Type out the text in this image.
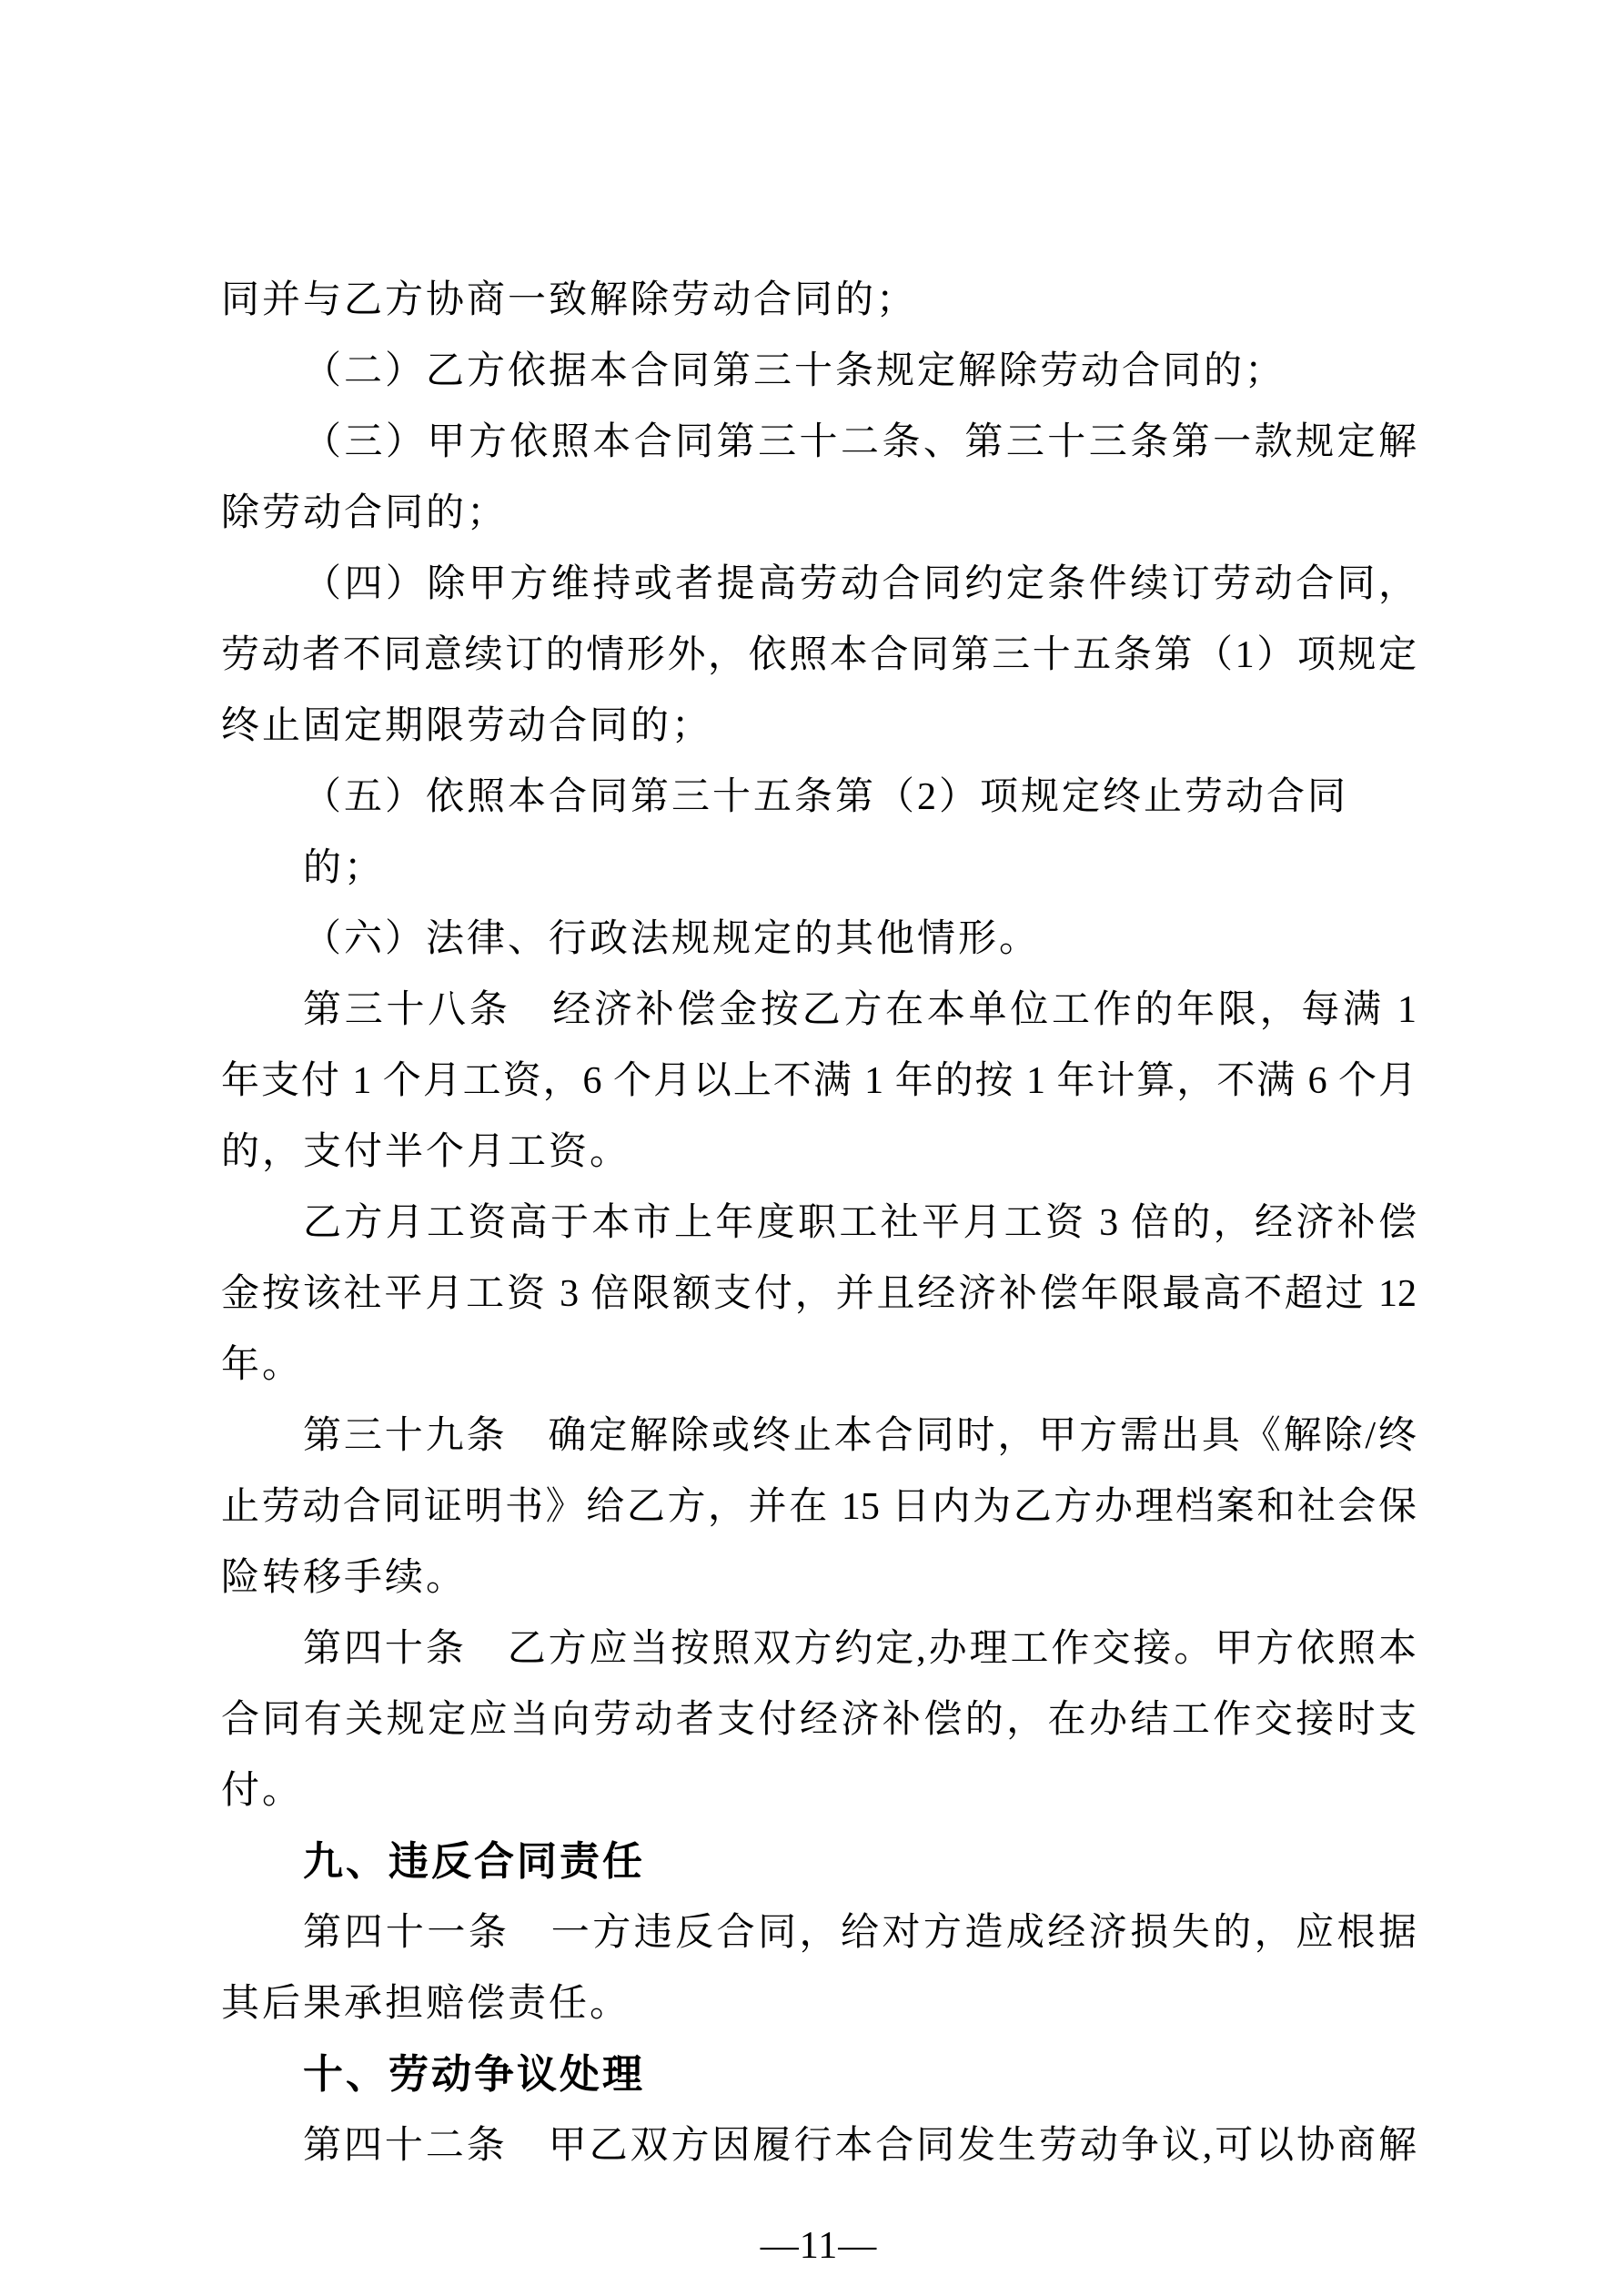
同并与乙方协商一致解除劳动合同的；
（二）乙方依据本合同第三十条规定解除劳动合同的；
（三）甲方依照本合同第三十二条、第三十三条第一款规定解
除劳动合同的；
（四）除甲方维持或者提高劳动合同约定条件续订劳动合同，
劳动者不同意续订的情形外，依照本合同第三十五条第（1）项规定
终止固定期限劳动合同的；
（五）依照本合同第三十五条第（2）项规定终止劳动合同的；
（六）法律、行政法规规定的其他情形。
第三十八条　经济补偿金按乙方在本单位工作的年限，每满 1
年支付 1 个月工资，6 个月以上不满 1 年的按 1 年计算，不满 6 个月
的，支付半个月工资。
乙方月工资高于本市上年度职工社平月工资 3 倍的，经济补偿
金按该社平月工资 3 倍限额支付，并且经济补偿年限最高不超过 12
年。
第三十九条　确定解除或终止本合同时，甲方需出具《解除/终
止劳动合同证明书》给乙方，并在 15 日内为乙方办理档案和社会保
险转移手续。
第四十条　乙方应当按照双方约定,办理工作交接。甲方依照本
合同有关规定应当向劳动者支付经济补偿的，在办结工作交接时支
付。
九、违反合同责任
第四十一条　一方违反合同，给对方造成经济损失的，应根据
其后果承担赔偿责任。
十、劳动争议处理
第四十二条　甲乙双方因履行本合同发生劳动争议,可以协商解
—11—
